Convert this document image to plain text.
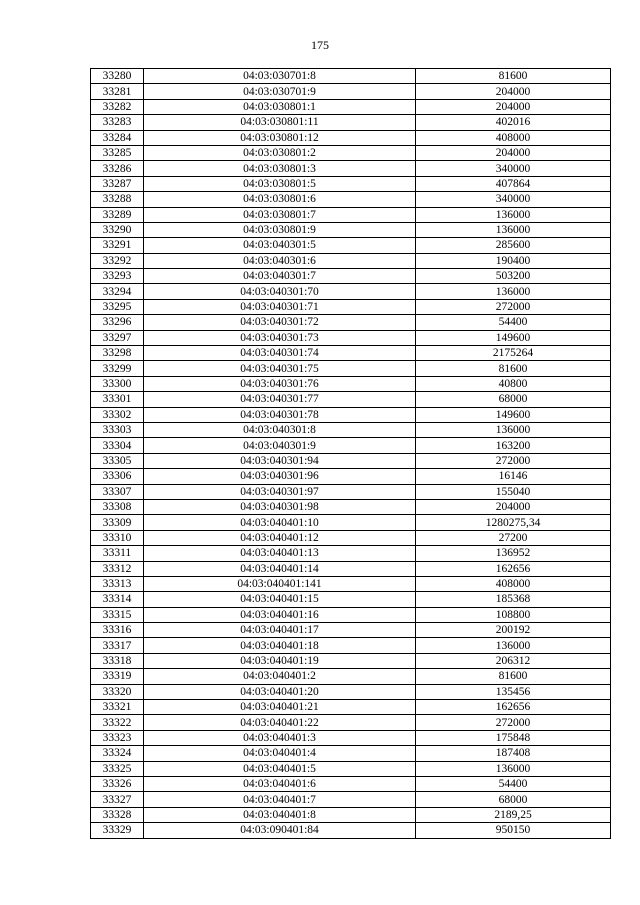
175
33280	04:03:030701:8	81600
33281	04:03:030701:9	204000
33282	04:03:030801:1	204000
33283	04:03:030801:11	402016
33284	04:03:030801:12	408000
33285	04:03:030801:2	204000
33286	04:03:030801:3	340000
33287	04:03:030801:5	407864
33288	04:03:030801:6	340000
33289	04:03:030801:7	136000
33290	04:03:030801:9	136000
33291	04:03:040301:5	285600
33292	04:03:040301:6	190400
33293	04:03:040301:7	503200
33294	04:03:040301:70	136000
33295	04:03:040301:71	272000
33296	04:03:040301:72	54400
33297	04:03:040301:73	149600
33298	04:03:040301:74	2175264
33299	04:03:040301:75	81600
33300	04:03:040301:76	40800
33301	04:03:040301:77	68000
33302	04:03:040301:78	149600
33303	04:03:040301:8	136000
33304	04:03:040301:9	163200
33305	04:03:040301:94	272000
33306	04:03:040301:96	16146
33307	04:03:040301:97	155040
33308	04:03:040301:98	204000
33309	04:03:040401:10	1280275,34
33310	04:03:040401:12	27200
33311	04:03:040401:13	136952
33312	04:03:040401:14	162656
33313	04:03:040401:141	408000
33314	04:03:040401:15	185368
33315	04:03:040401:16	108800
33316	04:03:040401:17	200192
33317	04:03:040401:18	136000
33318	04:03:040401:19	206312
33319	04:03:040401:2	81600
33320	04:03:040401:20	135456
33321	04:03:040401:21	162656
33322	04:03:040401:22	272000
33323	04:03:040401:3	175848
33324	04:03:040401:4	187408
33325	04:03:040401:5	136000
33326	04:03:040401:6	54400
33327	04:03:040401:7	68000
33328	04:03:040401:8	2189,25
33329	04:03:090401:84	950150
